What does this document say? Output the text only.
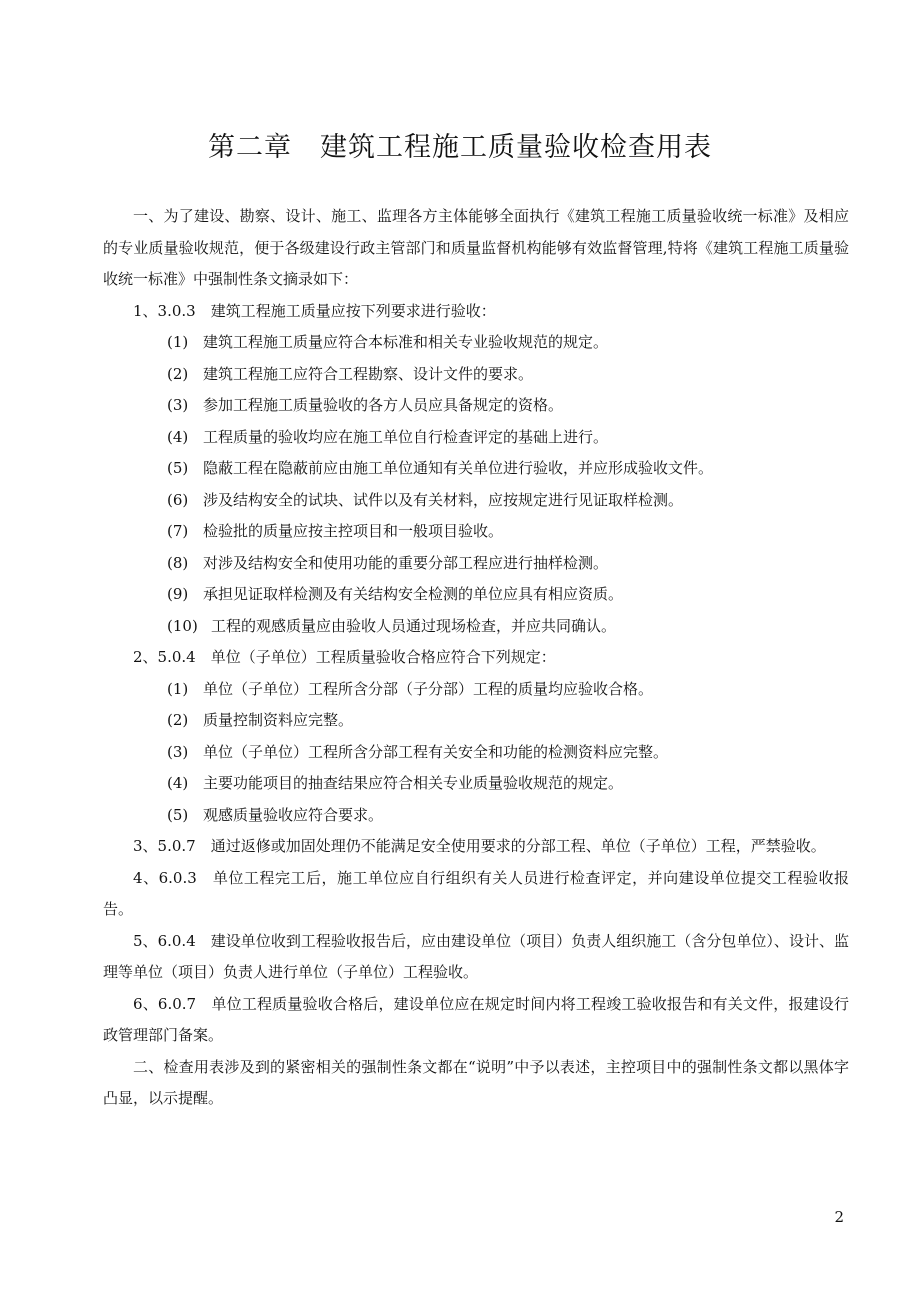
第二章　建筑工程施工质量验收检查用表

一、为了建设、勘察、设计、施工、监理各方主体能够全面执行《建筑工程施工质量验收统一标准》及相应的专业质量验收规范，便于各级建设行政主管部门和质量监督机构能够有效监督管理,特将《建筑工程施工质量验收统一标准》中强制性条文摘录如下：

1、3.0.3　建筑工程施工质量应按下列要求进行验收：

(1) 建筑工程施工质量应符合本标准和相关专业验收规范的规定。

(2) 建筑工程施工应符合工程勘察、设计文件的要求。

(3) 参加工程施工质量验收的各方人员应具备规定的资格。

(4) 工程质量的验收均应在施工单位自行检查评定的基础上进行。

(5) 隐蔽工程在隐蔽前应由施工单位通知有关单位进行验收，并应形成验收文件。

(6) 涉及结构安全的试块、试件以及有关材料，应按规定进行见证取样检测。

(7) 检验批的质量应按主控项目和一般项目验收。

(8) 对涉及结构安全和使用功能的重要分部工程应进行抽样检测。

(9) 承担见证取样检测及有关结构安全检测的单位应具有相应资质。

(10) 工程的观感质量应由验收人员通过现场检查，并应共同确认。

2、5.0.4　单位（子单位）工程质量验收合格应符合下列规定：

(1) 单位（子单位）工程所含分部（子分部）工程的质量均应验收合格。

(2) 质量控制资料应完整。

(3) 单位（子单位）工程所含分部工程有关安全和功能的检测资料应完整。

(4) 主要功能项目的抽查结果应符合相关专业质量验收规范的规定。

(5) 观感质量验收应符合要求。

3、5.0.7　通过返修或加固处理仍不能满足安全使用要求的分部工程、单位（子单位）工程，严禁验收。

4、6.0.3　单位工程完工后，施工单位应自行组织有关人员进行检查评定，并向建设单位提交工程验收报告。

5、6.0.4　建设单位收到工程验收报告后，应由建设单位（项目）负责人组织施工（含分包单位）、设计、监理等单位（项目）负责人进行单位（子单位）工程验收。

6、6.0.7　单位工程质量验收合格后，建设单位应在规定时间内将工程竣工验收报告和有关文件，报建设行政管理部门备案。

二、检查用表涉及到的紧密相关的强制性条文都在“说明”中予以表述，主控项目中的强制性条文都以黑体字凸显，以示提醒。

2
